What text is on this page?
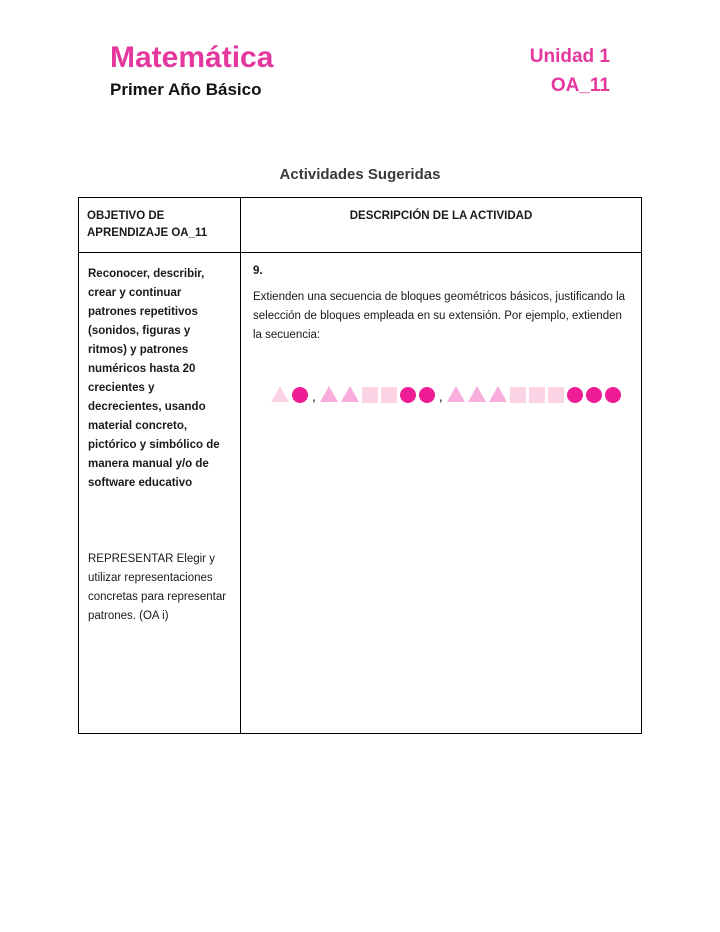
Matemática
Primer Año Básico
Unidad 1
OA_11
Actividades Sugeridas
OBJETIVO DE APRENDIZAJE OA_11
DESCRIPCIÓN DE LA ACTIVIDAD

Reconocer, describir, crear y continuar patrones repetitivos (sonidos, figuras y ritmos) y patrones numéricos hasta 20 crecientes y decrecientes, usando material concreto, pictórico y simbólico de manera manual y/o de software educativo

REPRESENTAR Elegir y utilizar representaciones concretas para representar patrones. (OA i)

9.

Extienden una secuencia de bloques geométricos básicos, justificando la selección de bloques empleada en su extensión. Por ejemplo, extienden la secuencia:

,	,
